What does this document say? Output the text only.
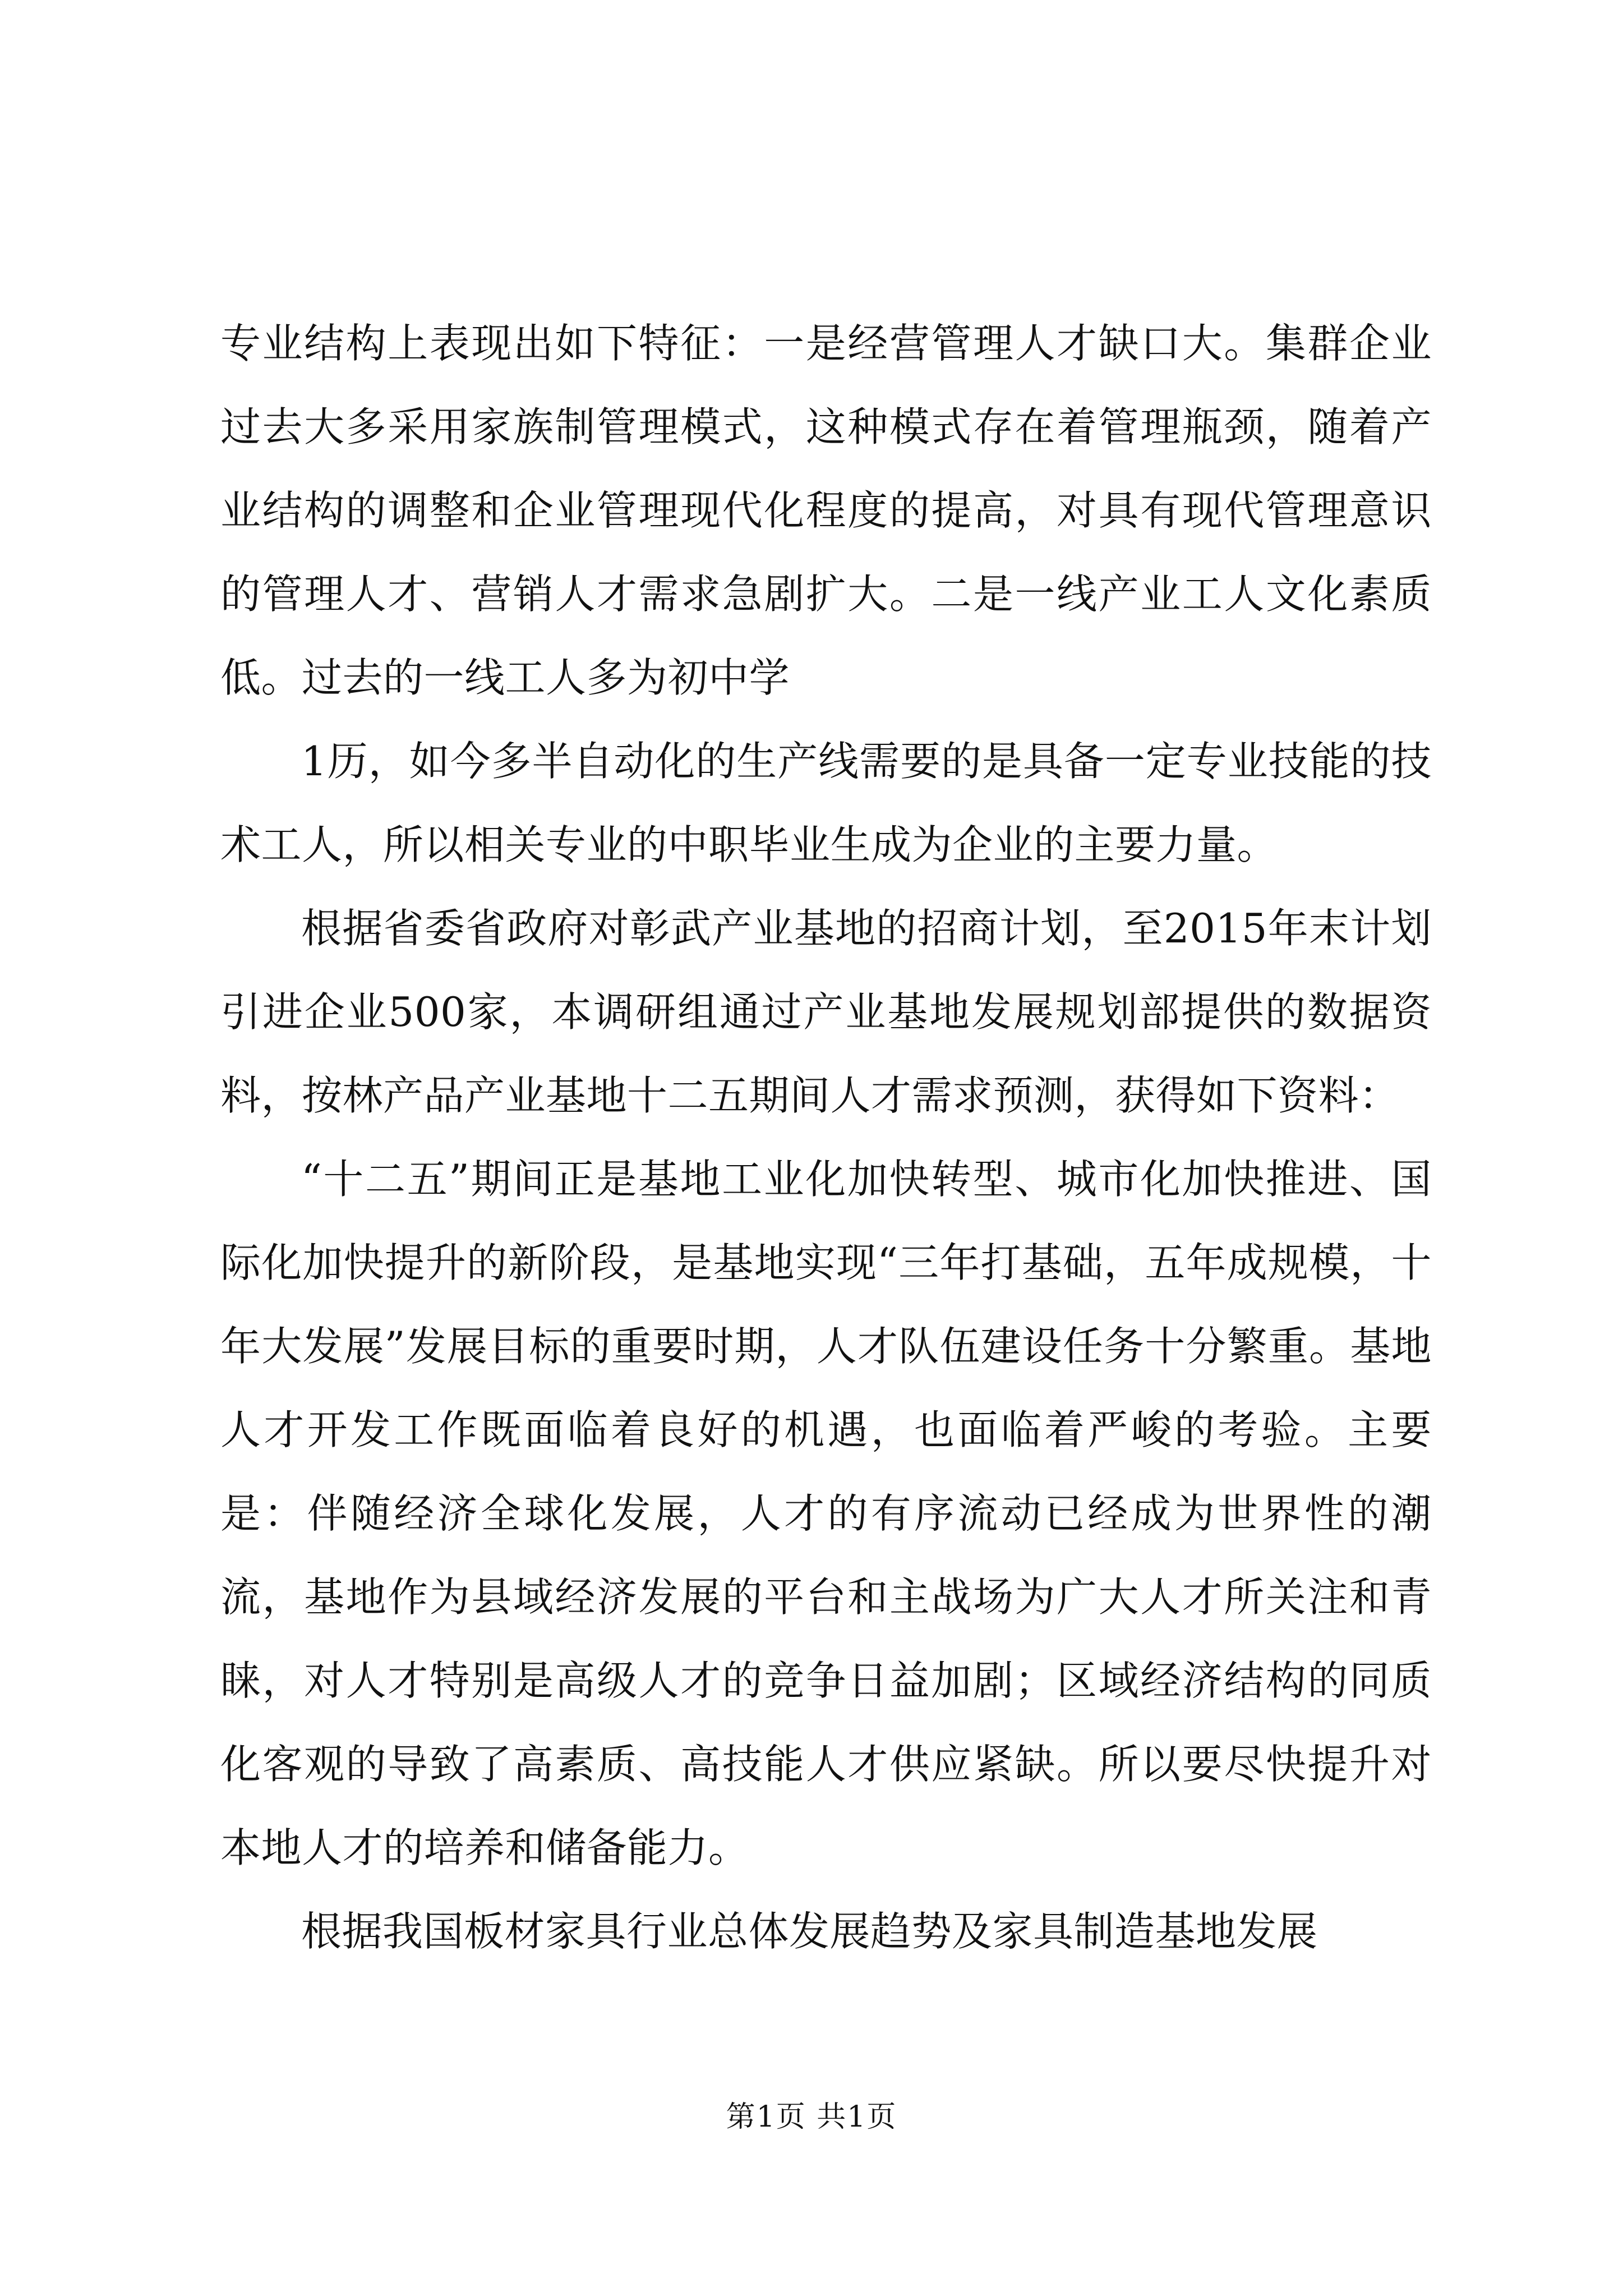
专业结构上表现出如下特征：一是经营管理人才缺口大。集群企业过去大多采用家族制管理模式，这种模式存在着管理瓶颈，随着产业结构的调整和企业管理现代化程度的提高，对具有现代管理意识的管理人才、营销人才需求急剧扩大。二是一线产业工人文化素质低。过去的一线工人多为初中学

1历，如今多半自动化的生产线需要的是具备一定专业技能的技术工人，所以相关专业的中职毕业生成为企业的主要力量。

根据省委省政府对彰武产业基地的招商计划，至2015年末计划引进企业500家，本调研组通过产业基地发展规划部提供的数据资料，按林产品产业基地十二五期间人才需求预测，获得如下资料：

“十二五”期间正是基地工业化加快转型、城市化加快推进、国际化加快提升的新阶段，是基地实现“三年打基础，五年成规模，十年大发展”发展目标的重要时期，人才队伍建设任务十分繁重。基地人才开发工作既面临着良好的机遇，也面临着严峻的考验。主要是：伴随经济全球化发展，人才的有序流动已经成为世界性的潮流，基地作为县域经济发展的平台和主战场为广大人才所关注和青睐，对人才特别是高级人才的竞争日益加剧；区域经济结构的同质化客观的导致了高素质、高技能人才供应紧缺。所以要尽快提升对本地人才的培养和储备能力。

根据我国板材家具行业总体发展趋势及家具制造基地发展

第1页 共1页
